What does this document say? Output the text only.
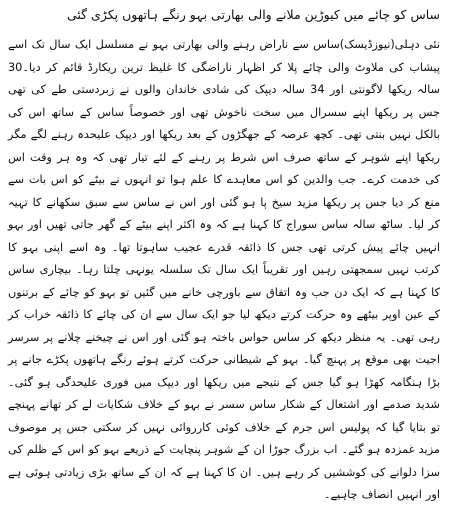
ساس کو چائے میں کیوڑین ملانے والی بھارتی بہو رنگے ہاتھوں پکڑی گئی

نئی دہلی(نیوزڈیسک)ساس سے ناراض رہنے والی بھارتی بہو نے مسلسل ایک سال تک اسے پیشاب کی ملاوٹ والی چائے پلا کر اظہار ناراضگی کا غلیظ ترین ریکارڈ قائم کر دیا۔30 سالہ ریکھا لاگونتی اور 34 سالہ دیپک کی شادی خاندان والوں نے زبردستی طے کی تھی جس پر ریکھا اپنے سسرال میں سخت ناخوش تھی اور خصوصاً ساس کے ساتھ اس کی بالکل نہیں بنتی تھی۔ کچھ عرصہ کے جھگڑوں کے بعد ریکھا اور دیپک علیحدہ رہنے لگے مگر ریکھا اپنے شوہر کے ساتھ صرف اس شرط پر رہنے کے لئے تیار تھی کہ وہ ہر وقت اس کی خدمت کرے۔ جب والدین کو اس معاہدے کا علم ہوا تو انہوں نے بیٹے کو اس بات سے منع کر دیا جس پر ریکھا مزید سیخ پا ہو گئی اور اس نے ساس سے سبق سکھانے کا تہیہ کر لیا۔ ساٹھ سالہ ساس سوراج کا کہنا ہے کہ وہ اکثر اپنے بیٹے کے گھر جاتی تھیں اور بہو انہیں چائے پیش کرتی تھی جس کا ذائقہ قدرے عجیب ساہوتا تھا۔ وہ اسے اپنی بہو کا کرتب نہیں سمجھتی رہیں اور تقریباً ایک سال تک سلسلہ یونہی چلتا رہا۔ بیچاری ساس کا کہنا ہے کہ ایک دن جب وہ اتفاق سے باورچی خانے میں گئیں تو بہو کو چائے کے برتنوں کے عین اوپر بیٹھے وہ حرکت کرتے دیکھ لیا جو ایک سال سے ان کی چائے کا ذائقہ خراب کر رہی تھی۔ یہ منظر دیکھ کر ساس حواس باختہ ہو گئی اور اس نے چیخنے چلانے پر سرسر اجیت بھی موقع پر پہنچ گیا۔ بہو کے شیطانی حرکت کرتے ہوئے رنگے ہاتھوں پکڑے جانے پر بڑا ہنگامہ کھڑا ہو گیا جس کے نتیجے میں ریکھا اور دیپک میں فوری علیحدگی ہو گئی۔ شدید صدمے اور اشتعال کے شکار ساس سسر نے بہو کے خلاف شکایات لے کر تھانے پہنچے تو بتایا گیا کہ پولیس اس جرم کے خلاف کوئی کارروائی نہیں کر سکتی جس پر موصوف مزید غمزدہ ہو گئے۔ اب بزرگ جوڑا ان کے شوہر پنچایت کے ذریعے بہو کو اس کے ظلم کی سزا دلوانے کی کوششیں کر رہے ہیں۔ ان کا کہنا ہے کہ ان کے ساتھ بڑی زیادتی ہوئی ہے اور انہیں انصاف چاہیے۔
